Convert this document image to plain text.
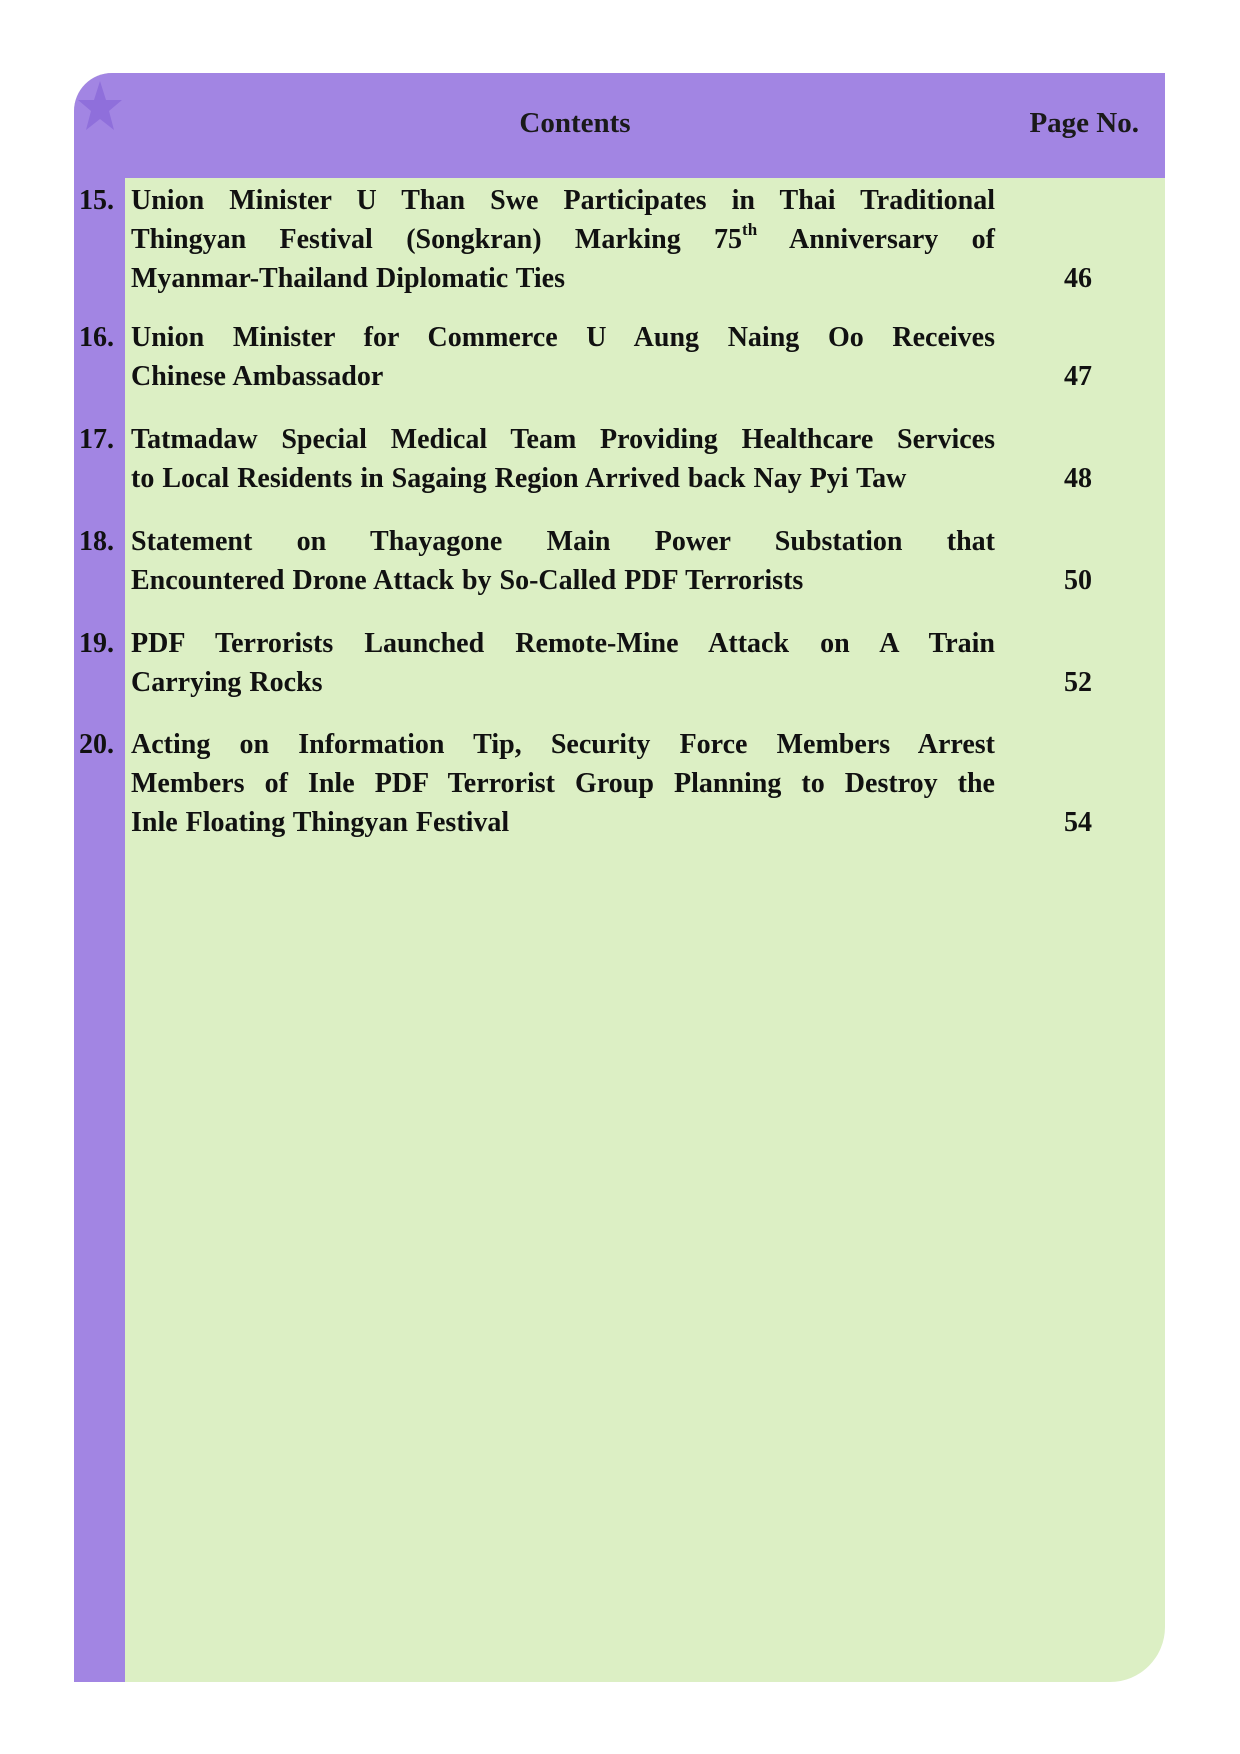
Contents	Page No.
15. Union Minister U Than Swe Participates in Thai Traditional
Thingyan Festival (Songkran) Marking 75th Anniversary of
Myanmar-Thailand Diplomatic Ties	46
16. Union Minister for Commerce U Aung Naing Oo Receives
Chinese Ambassador	47
17. Tatmadaw Special Medical Team Providing Healthcare Services
to Local Residents in Sagaing Region Arrived back Nay Pyi Taw	48
18. Statement on Thayagone Main Power Substation that
Encountered Drone Attack by So-Called PDF Terrorists	50
19. PDF Terrorists Launched Remote-Mine Attack on A Train
Carrying Rocks	52
20. Acting on Information Tip, Security Force Members Arrest
Members of Inle PDF Terrorist Group Planning to Destroy the
Inle Floating Thingyan Festival	54
